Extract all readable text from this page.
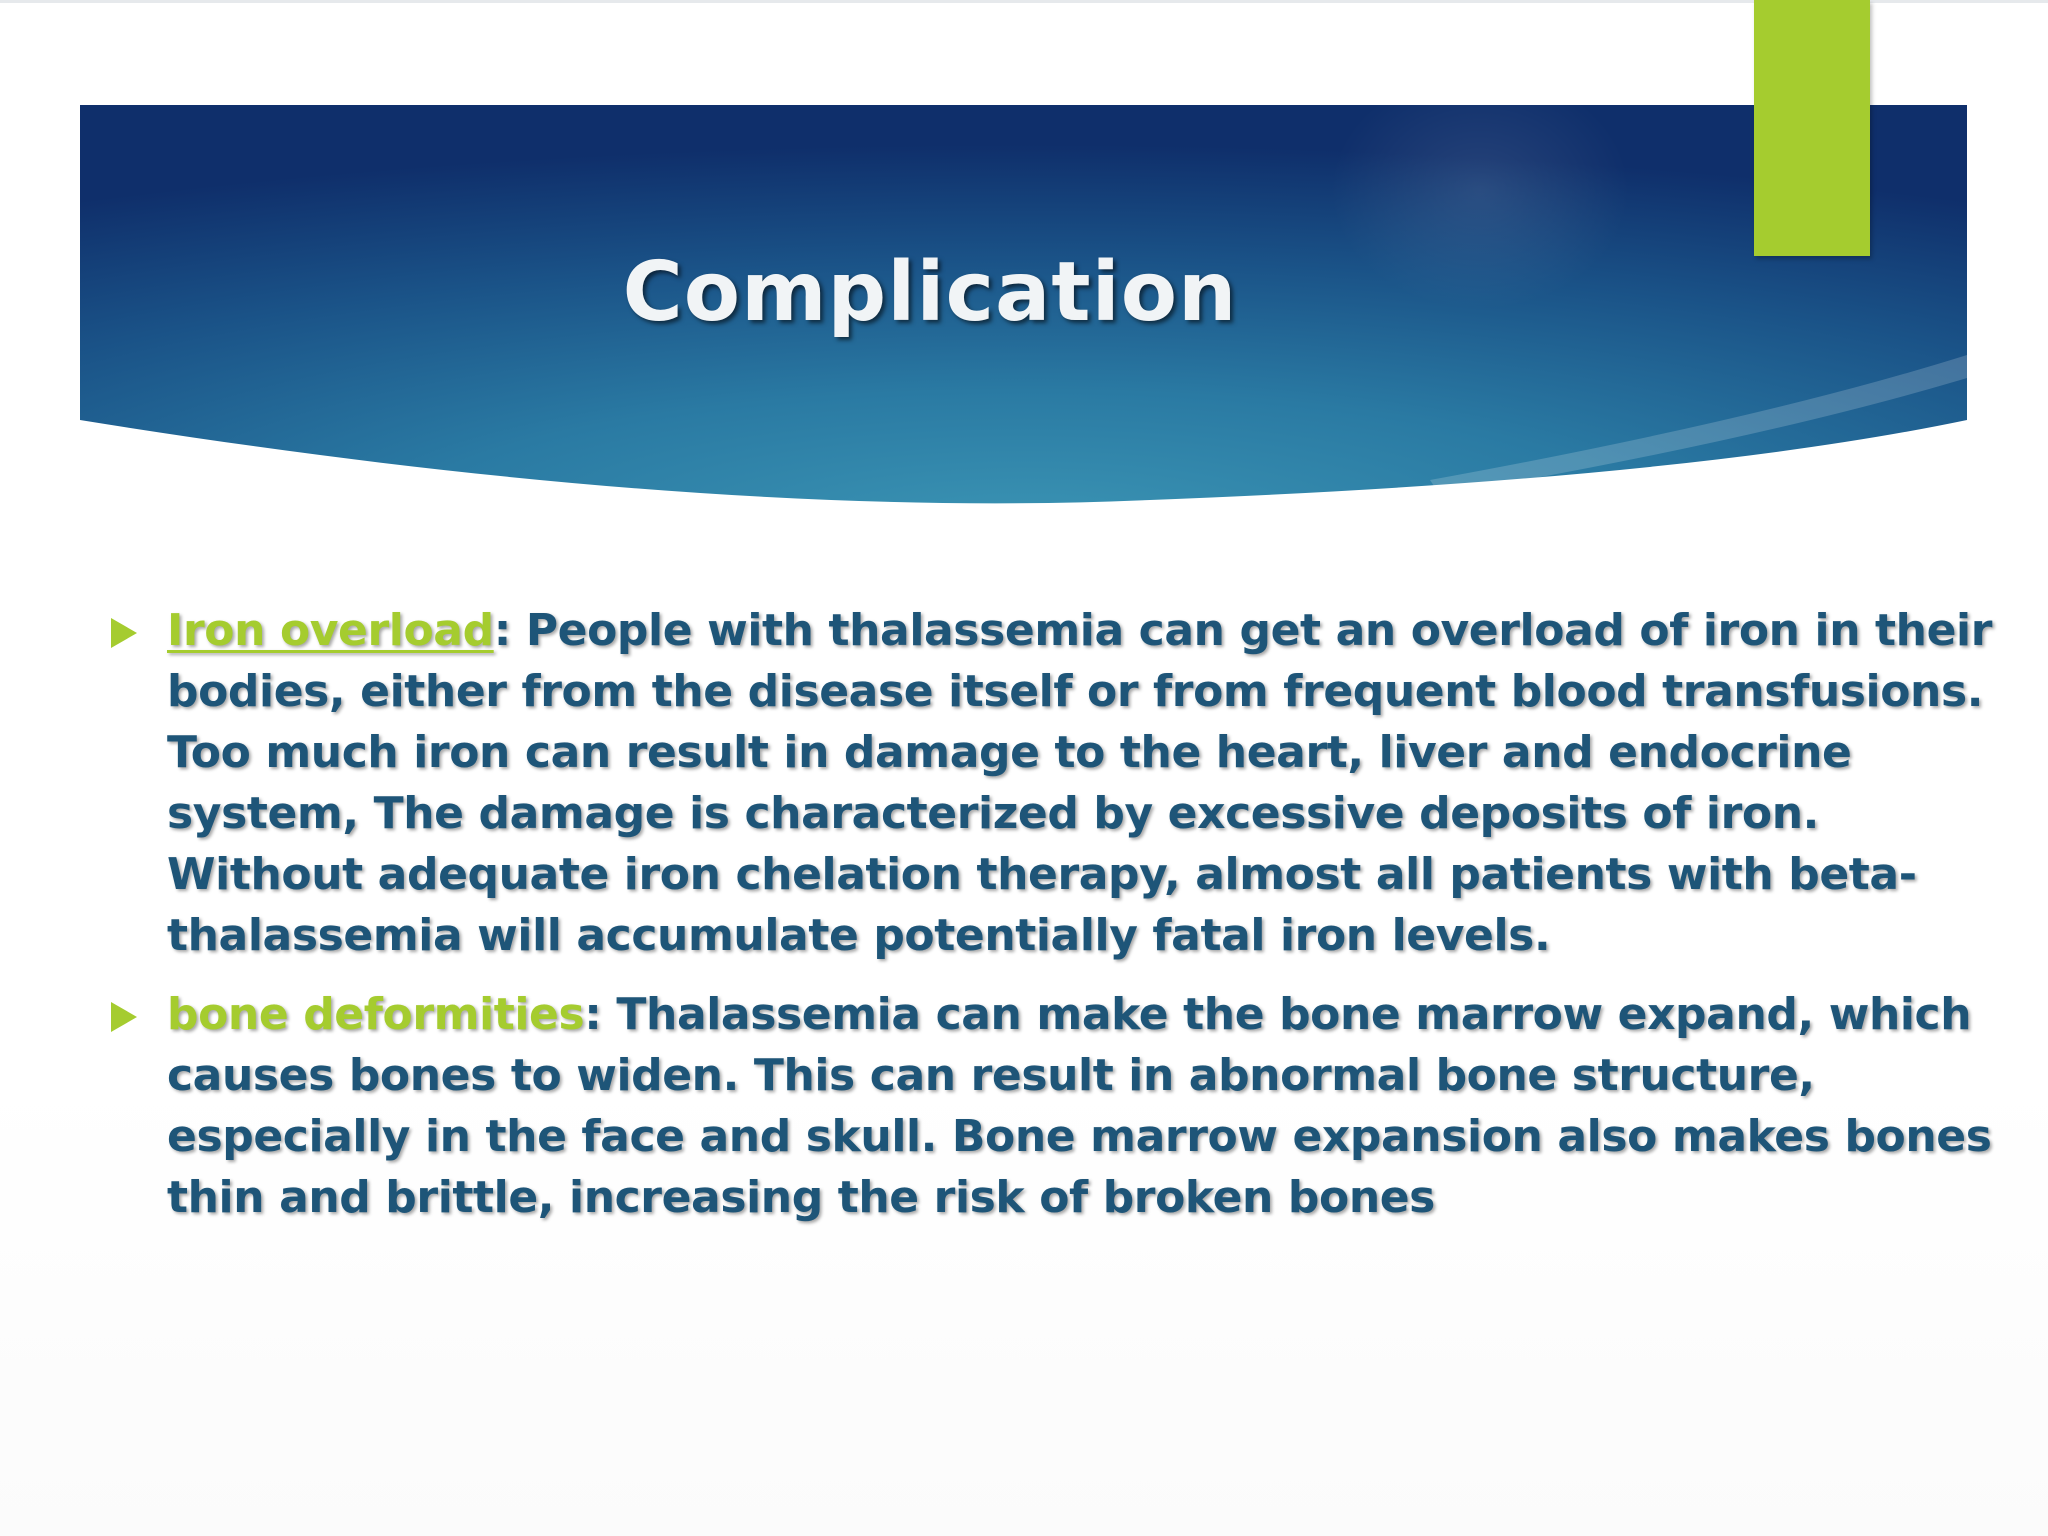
Complication
Iron overload: People with thalassemia can get an overload of iron in their bodies, either from the disease itself or from frequent blood transfusions. Too much iron can result in damage to the heart, liver and endocrine system, The damage is characterized by excessive deposits of iron. Without adequate iron chelation therapy, almost all patients with beta-thalassemia will accumulate potentially fatal iron levels.
bone deformities: Thalassemia can make the bone marrow expand, which causes bones to widen. This can result in abnormal bone structure, especially in the face and skull. Bone marrow expansion also makes bones thin and brittle, increasing the risk of broken bones
